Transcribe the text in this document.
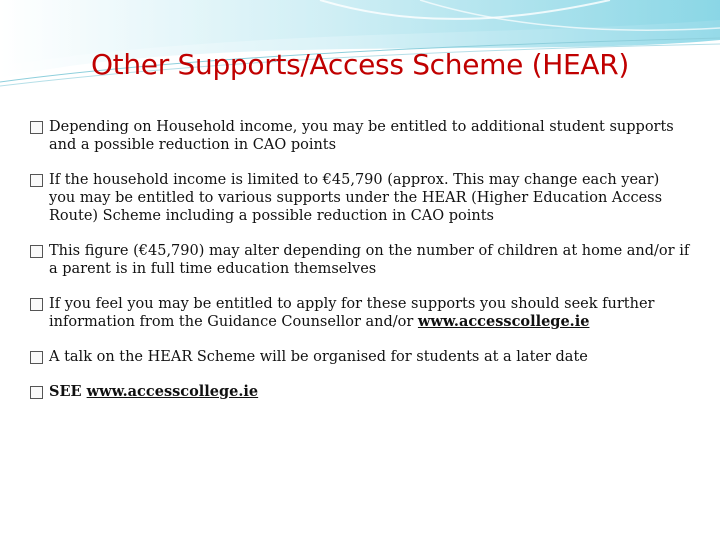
Other Supports/Access Scheme (HEAR)
Depending on Household income, you may be entitled to additional student supports and a possible reduction in CAO points
If the household income is limited to €45,790 (approx. This may change each year) you may be entitled to various supports under the HEAR (Higher Education Access Route) Scheme including a possible reduction in CAO points
This figure (€45,790) may alter depending on the number of children at home and/or if a parent is in full time education themselves
If you feel you may be entitled to apply for these supports you should seek further information from the Guidance Counsellor and/or www.accesscollege.ie
A talk on the HEAR Scheme will be organised for students at a later date
SEE www.accesscollege.ie
